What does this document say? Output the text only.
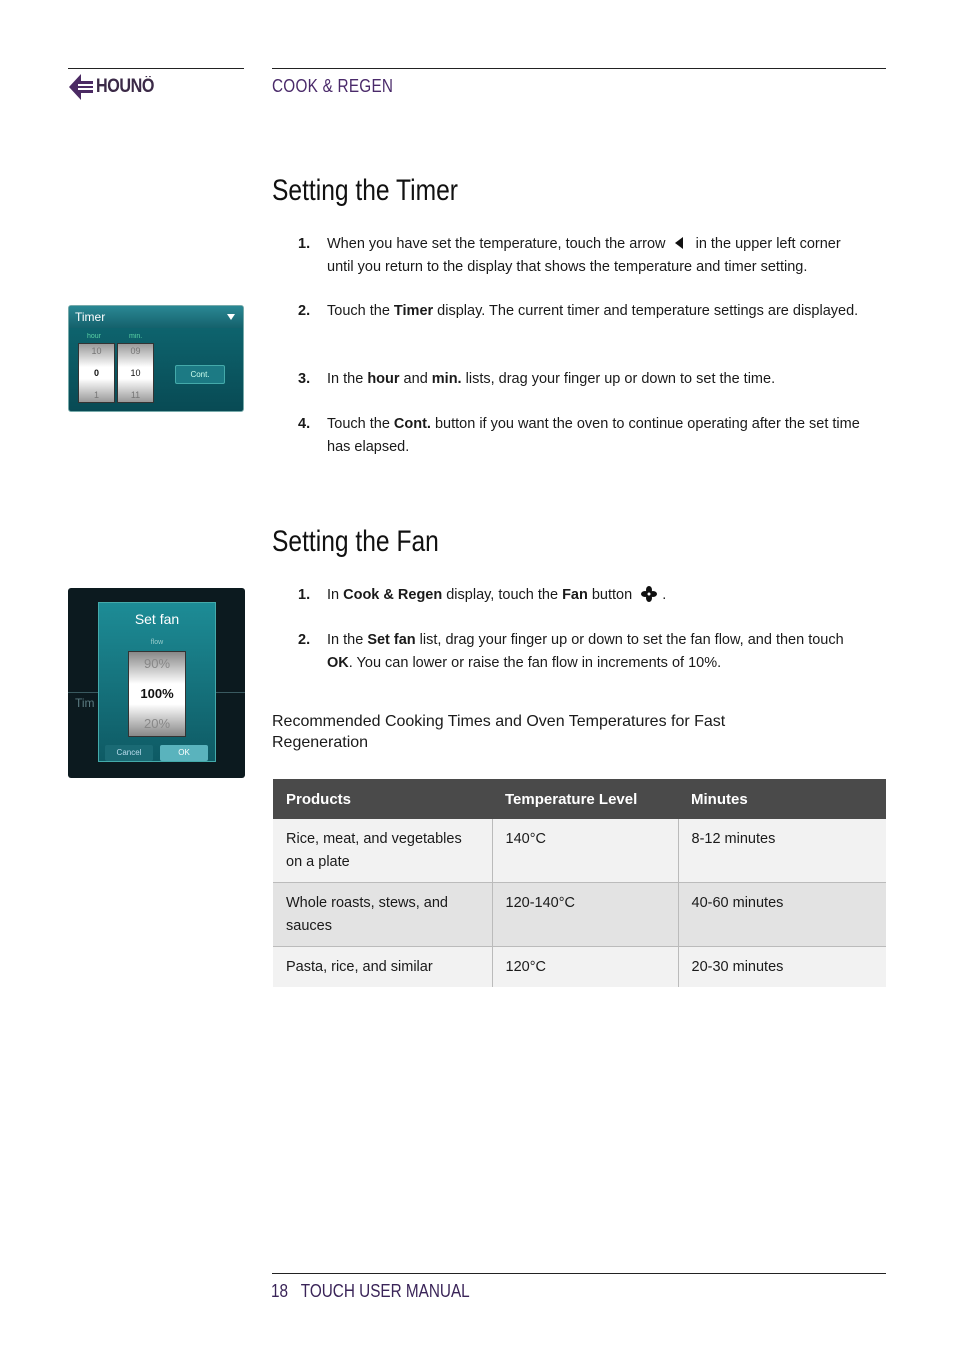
HOUNÖ	COOK & REGEN
Setting the Timer
1.	When you have set the temperature, touch the arrow in the upper left corner until you return to the display that shows the temperature and timer setting.
2.	Touch the Timer display. The current timer and temperature settings are displayed.
3.	In the hour and min. lists, drag your finger up or down to set the time.
4.	Touch the Cont. button if you want the oven to continue operating after the set time has elapsed.
Timer
hour	min.
10
0
1
09
10
11
Cont.
Setting the Fan
1.	In Cook & Regen display, touch the Fan button .
2.	In the Set fan list, drag your finger up or down to set the fan flow, and then touch OK. You can lower or raise the fan flow in increments of 10%.
Tim
Set fan
flow
90%
100%
20%
Cancel	OK
Recommended Cooking Times and Oven Temperatures for Fast Regeneration
Products	Temperature Level	Minutes
Rice, meat, and vegetables on a plate	140°C	8-12 minutes
Whole roasts, stews, and sauces	120-140°C	40-60 minutes
Pasta, rice, and similar	120°C	20-30 minutes
18 TOUCH USER MANUAL
